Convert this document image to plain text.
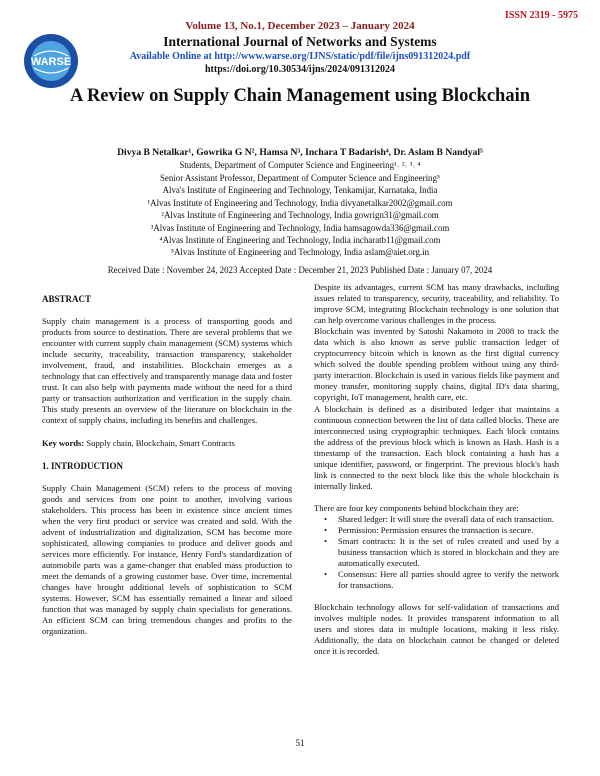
ISSN 2319 - 5975
WARSE
Volume 13, No.1, December 2023 – January 2024
International Journal of Networks and Systems
Available Online at http://www.warse.org/IJNS/static/pdf/file/ijns091312024.pdf
https://doi.org/10.30534/ijns/2024/091312024
A Review on Supply Chain Management using Blockchain
Divya B Netalkar¹, Gowrika G N², Hamsa N³, Inchara T Badarish⁴, Dr. Aslam B Nandyal⁵
Students, Department of Computer Science and Engineering¹˒ ²˒ ³˒ ⁴
Senior Assistant Professor, Department of Computer Science and Engineering⁵
Alva's Institute of Engineering and Technology, Tenkamijar, Karnataka, India
¹Alvas Institute of Engineering and Technology, India divyanetalkar2002@gmail.com
²Alvas Institute of Engineering and Technology, India gowrign31@gmail.com
³Alvas Institute of Engineering and Technology, India hamsagowda336@gmail.com
⁴Alvas Institute of Engineering and Technology, India incharatb11@gmail.com
⁵Alvas Institute of Engineering and Technology, India aslam@aiet.org.in
Received Date : November 24, 2023 Accepted Date : December 21, 2023 Published Date : January 07, 2024

ABSTRACT

Supply chain management is a process of transporting goods and products from source to destination. There are several problems that we encounter with current supply chain management (SCM) systems which include security, traceability, transaction transparency, stakeholder involvement, fraud, and instabilities. Blockchain emerges as a technology that can effectively and transparently manage data and foster trust. It can also help with payments made without the need for a third party or transaction authorization and verification in the supply chain. This study presents an overview of the literature on blockchain in the context of supply chains, including its benefits and challenges.

Key words: Supply chain, Blockchain, Smart Contracts

1. INTRODUCTION

Supply Chain Management (SCM) refers to the process of moving goods and services from one point to another, involving various stakeholders. This process has been in existence since ancient times when the very first product or service was created and sold. With the advent of industrialization and digitalization, SCM has become more sophisticated, allowing companies to produce and deliver goods and services more efficiently. For instance, Henry Ford's standardization of automobile parts was a game-changer that enabled mass production to meet the demands of a growing customer base. Over time, incremental changes have brought additional levels of sophistication to SCM systems. However, SCM has essentially remained a linear and siloed function that was managed by supply chain specialists for generations. An efficient SCM can bring tremendous changes and profits to the organization.

Despite its advantages, current SCM has many drawbacks, including issues related to transparency, security, traceability, and reliability. To improve SCM, integrating Blockchain technology is one solution that can help overcome various challenges in the process.

Blockchain was invented by Satoshi Nakamoto in 2008 to track the data which is also known as serve public transaction ledger of cryptocurrency bitcoin which is known as the first digital currency which solved the double spending problem without using any third-party interaction. Blockchain is used in various fields like payment and money transfer, monitoring supply chains, digital ID's data sharing, copyright, IoT management, health care, etc.

A blockchain is defined as a distributed ledger that maintains a continuous connection between the list of data called blocks. These are interconnected using cryptographic techniques. Each block contains the address of the previous block which is known as Hash. Hash is a timestamp of the transaction. Each block containing a hash has a unique identifier, password, or fingerprint. The previous block's hash link is connected to the next block like this the whole blockchain is internally linked.

There are four key components behind blockchain they are:

• Shared ledger: It will store the overall data of each transaction.
• Permission: Permission ensures the transaction is secure.
• Smart contracts: It is the set of rules created and used by a business transaction which is stored in blockchain and they are automatically executed.
• Consensus: Here all parties should agree to verify the network for transactions.

Blockchain technology allows for self-validation of transactions and involves multiple nodes. It provides transparent information to all users and stores data in multiple locations, making it less risky. Additionally, the data on blockchain cannot be changed or deleted once it is recorded.

51
